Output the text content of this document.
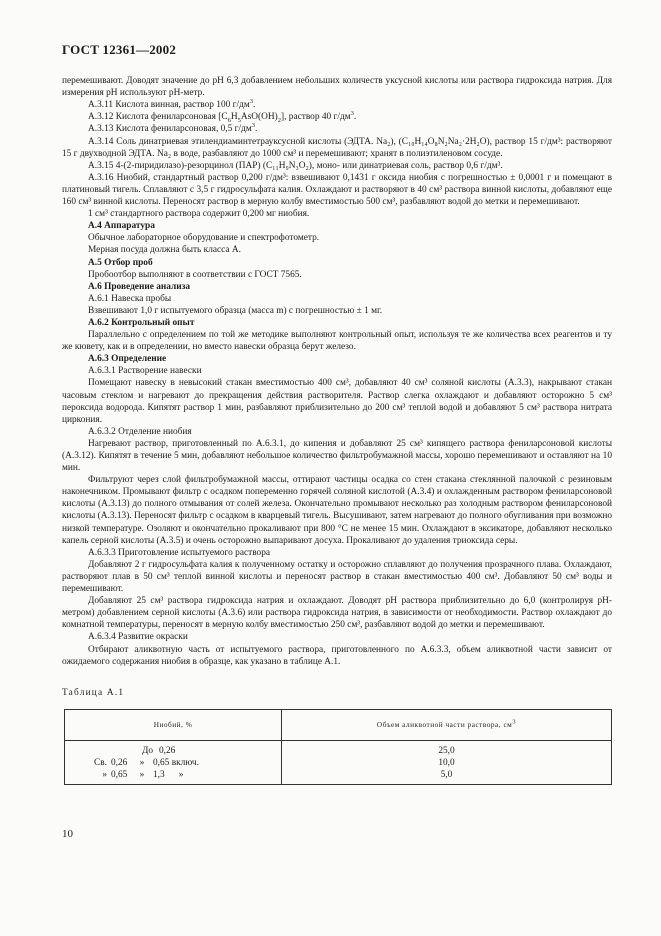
ГОСТ 12361—2002

перемешивают. Доводят значение до pH 6,3 добавлением небольших количеств уксусной кислоты или раствора гидроксида натрия. Для измерения pH используют pH-метр.

А.3.11 Кислота винная, раствор 100 $г/дм^3$.

А.3.12 Кислота фениларсоновая $[C_6H_5AsO(OH)_2]$, раствор 40 $г/дм^3$.

А.3.13 Кислота фениларсоновая, 0,5 $г/дм^3$.

А.3.14 Соль динатриевая этилендиаминтетрауксусной кислоты (ЭДТА. Na₂), (C₁₀H₁₄O₈N₂Na₂·2H₂O), раствор 15 г/дм³: растворяют 15 г двухводной ЭДТА. Na₂ в воде, разбавляют до 1000 см³ и перемешивают; хранят в полиэтиленовом сосуде.

А.3.15 4-(2-пиридилазо)-резорцинол (ПАР) (C₁₁H₉N₃O₂), моно- или динатриевая соль, раствор 0,6 г/дм³.

А.3.16 Ниобий, стандартный раствор 0,200 г/дм³: взвешивают 0,1431 г оксида ниобия с погрешностью ± 0,0001 г и помещают в платиновый тигель. Сплавляют с 3,5 г гидросульфата калия. Охлаждают и растворяют в 40 см³ раствора винной кислоты, добавляют еще 160 см³ винной кислоты. Переносят раствор в мерную колбу вместимостью 500 см³, разбавляют водой до метки и перемешивают.

1 см³ стандартного раствора содержит 0,200 мг ниобия.

А.4 Аппаратура

Обычное лабораторное оборудование и спектрофотометр.

Мерная посуда должна быть класса А.

А.5 Отбор проб

Пробоотбор выполняют в соответствии с ГОСТ 7565.

А.6 Проведение анализа

А.6.1 Навеска пробы

Взвешивают 1,0 г испытуемого образца (масса m) с погрешностью ± 1 мг.

А.6.2 Контрольный опыт

Параллельно с определением по той же методике выполняют контрольный опыт, используя те же количества всех реагентов и ту же кювету, как и в определении, но вместо навески образца берут железо.

А.6.3 Определение

А.6.3.1 Растворение навески

Помещают навеску в невысокий стакан вместимостью 400 см³, добавляют 40 см³ соляной кислоты (А.3.3), накрывают стакан часовым стеклом и нагревают до прекращения действия растворителя. Раствор слегка охлаждают и добавляют осторожно 5 см³ пероксида водорода. Кипятят раствор 1 мин, разбавляют приблизительно до 200 см³ теплой водой и добавляют 5 см³ раствора нитрата циркония.

А.6.3.2 Отделение ниобия

Нагревают раствор, приготовленный по А.6.3.1, до кипения и добавляют 25 см³ кипящего раствора фениларсоновой кислоты (А.3.12). Кипятят в течение 5 мин, добавляют небольшое количество фильтробумажной массы, хорошо перемешивают и оставляют на 10 мин.

Фильтруют через слой фильтробумажной массы, оттирают частицы осадка со стен стакана стеклянной палочкой с резиновым наконечником. Промывают фильтр с осадком попеременно горячей соляной кислотой (А.3.4) и охлажденным раствором фениларсоновой кислоты (А.3.13) до полного отмывания от солей железа. Окончательно промывают несколько раз холодным раствором фениларсоновой кислоты (А.3.13). Переносят фильтр с осадком в кварцевый тигель. Высушивают, затем нагревают до полного обугливания при возможно низкой температуре. Озоляют и окончательно прокаливают при 800 °С не менее 15 мин. Охлаждают в эксикаторе, добавляют несколько капель серной кислоты (А.3.5) и очень осторожно выпаривают досуха. Прокаливают до удаления триоксида серы.

А.6.3.3 Приготовление испытуемого раствора

Добавляют 2 г гидросульфата калия к полученному остатку и осторожно сплавляют до получения прозрачного плава. Охлаждают, растворяют плав в 50 см³ теплой винной кислоты и переносят раствор в стакан вместимостью 400 см³. Добавляют 50 см³ воды и перемешивают.

Добавляют 25 см³ раствора гидроксида натрия и охлаждают. Доводят pH раствора приблизительно до 6,0 (контролируя pH-метром) добавлением серной кислоты (А.3.6) или раствора гидроксида натрия, в зависимости от необходимости. Раствор охлаждают до комнатной температуры, переносят в мерную колбу вместимостью 250 см³, разбавляют водой до метки и перемешивают.

А.6.3.4 Развитие окраски

Отбирают аликвотную часть от испытуемого раствора, приготовленного по А.6.3.3, объем аликвотной части зависит от ожидаемого содержания ниобия в образце, как указано в таблице А.1.

Таблица А.1
Ниобий, %	Объем аликвотной части раствора, $см^3$

До 0,26	25,0

Св. 0,26 » 0,65 включ.	10,0

» 0,65 » 1,3      »	5,0
10
